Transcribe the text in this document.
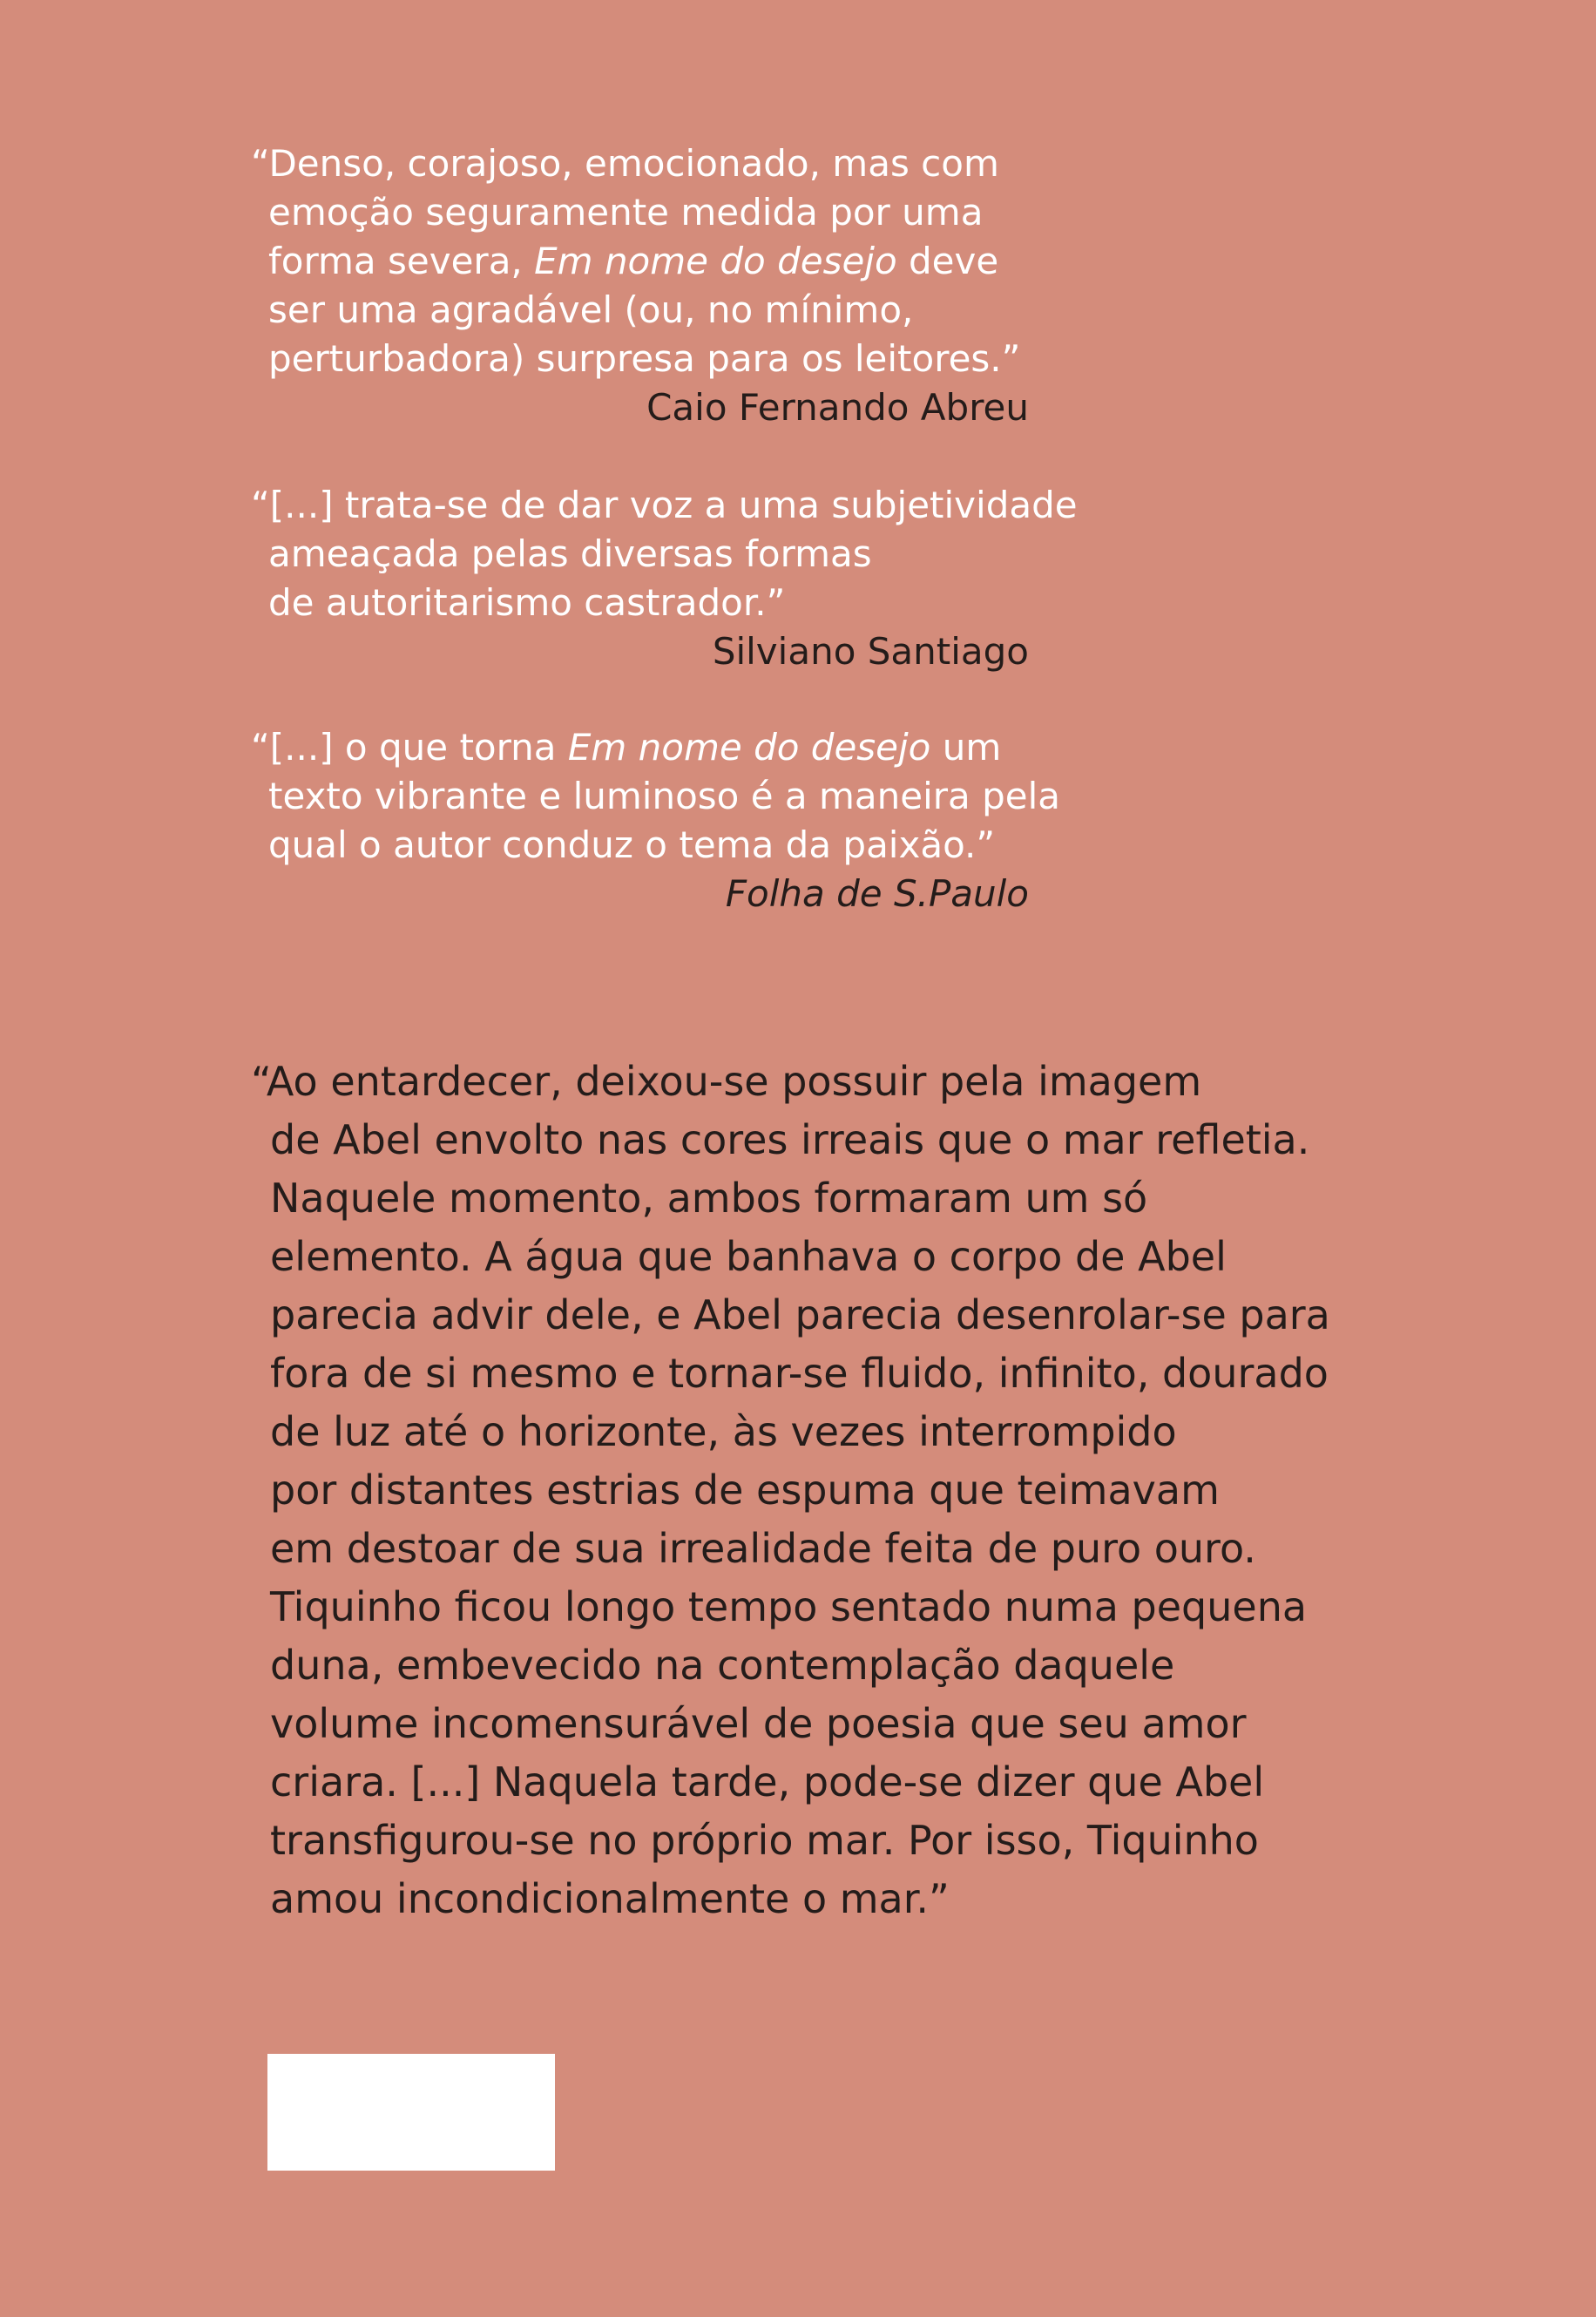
“Denso, corajoso, emocionado, mas com
emoção seguramente medida por uma
forma severa, Em nome do desejo deve
ser uma agradável (ou, no mínimo,
perturbadora) surpresa para os leitores.”
Caio Fernando Abreu
“[...] trata-se de dar voz a uma subjetividade
ameaçada pelas diversas formas
de autoritarismo castrador.”
Silviano Santiago
“[...] o que torna Em nome do desejo um
texto vibrante e luminoso é a maneira pela
qual o autor conduz o tema da paixão.”
Folha de S.Paulo
“Ao entardecer, deixou-se possuir pela imagem
de Abel envolto nas cores irreais que o mar refletia.
Naquele momento, ambos formaram um só
elemento. A água que banhava o corpo de Abel
parecia advir dele, e Abel parecia desenrolar-se para
fora de si mesmo e tornar-se fluido, infinito, dourado
de luz até o horizonte, às vezes interrompido
por distantes estrias de espuma que teimavam
em destoar de sua irrealidade feita de puro ouro.
Tiquinho ficou longo tempo sentado numa pequena
duna, embevecido na contemplação daquele
volume incomensurável de poesia que seu amor
criara. [...] Naquela tarde, pode-se dizer que Abel
transfigurou-se no próprio mar. Por isso, Tiquinho
amou incondicionalmente o mar.”
